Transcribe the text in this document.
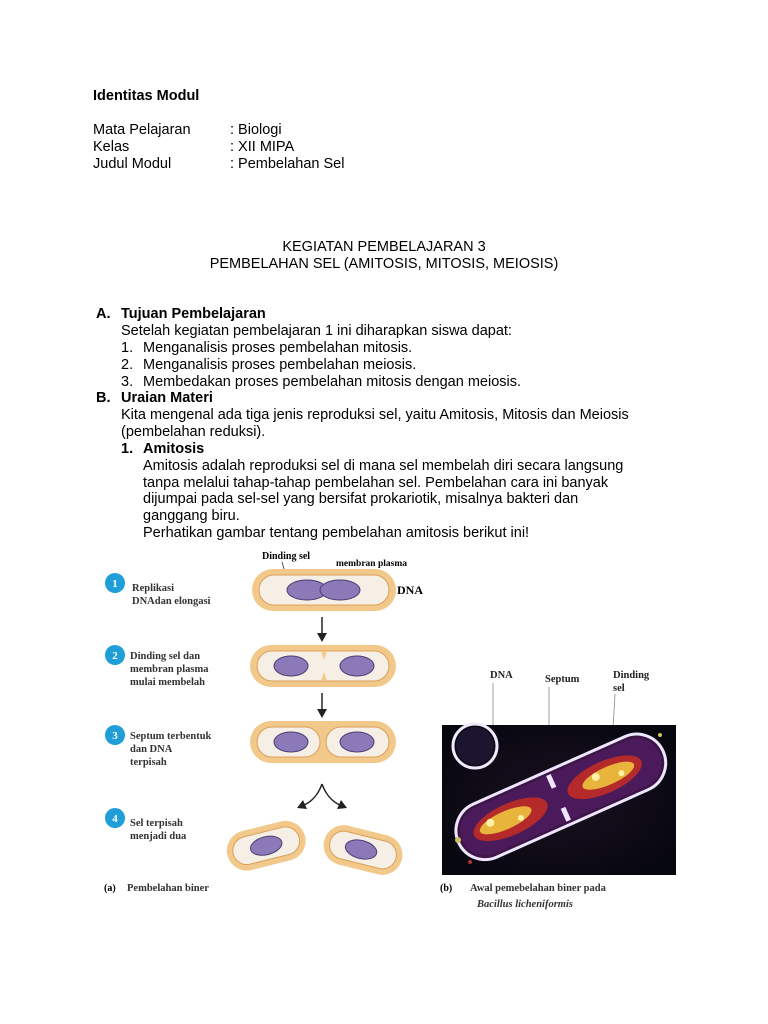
Identitas Modul
Mata Pelajaran	: Biologi
Kelas	: XII MIPA
Judul Modul	: Pembelahan Sel
KEGIATAN PEMBELAJARAN 3
PEMBELAHAN SEL (AMITOSIS, MITOSIS, MEIOSIS)
A. Tujuan Pembelajaran
Setelah kegiatan pembelajaran 1 ini diharapkan siswa dapat:
1. Menganalisis proses pembelahan mitosis.
2. Menganalisis proses pembelahan meiosis.
3. Membedakan proses pembelahan mitosis dengan meiosis.
B. Uraian Materi
Kita mengenal ada tiga jenis reproduksi sel, yaitu Amitosis, Mitosis dan Meiosis
(pembelahan reduksi).
1. Amitosis
Amitosis adalah reproduksi sel di mana sel membelah diri secara langsung
tanpa melalui tahap-tahap pembelahan sel. Pembelahan cara ini banyak
dijumpai pada sel-sel yang bersifat prokariotik, misalnya bakteri dan
ganggang biru.
Perhatikan gambar tentang pembelahan amitosis berikut ini!
Dinding sel
membran plasma
DNA
1 Replikasi
DNAdan elongasi
2 Dinding sel dan
membran plasma
mulai membelah
3 Septum terbentuk
dan DNA
terpisah
4 Sel terpisah
menjadi dua
(a) Pembelahan biner
DNA	Septum	Dinding
sel
(b) Awal pemebelahan biner pada
Bacillus licheniformis
